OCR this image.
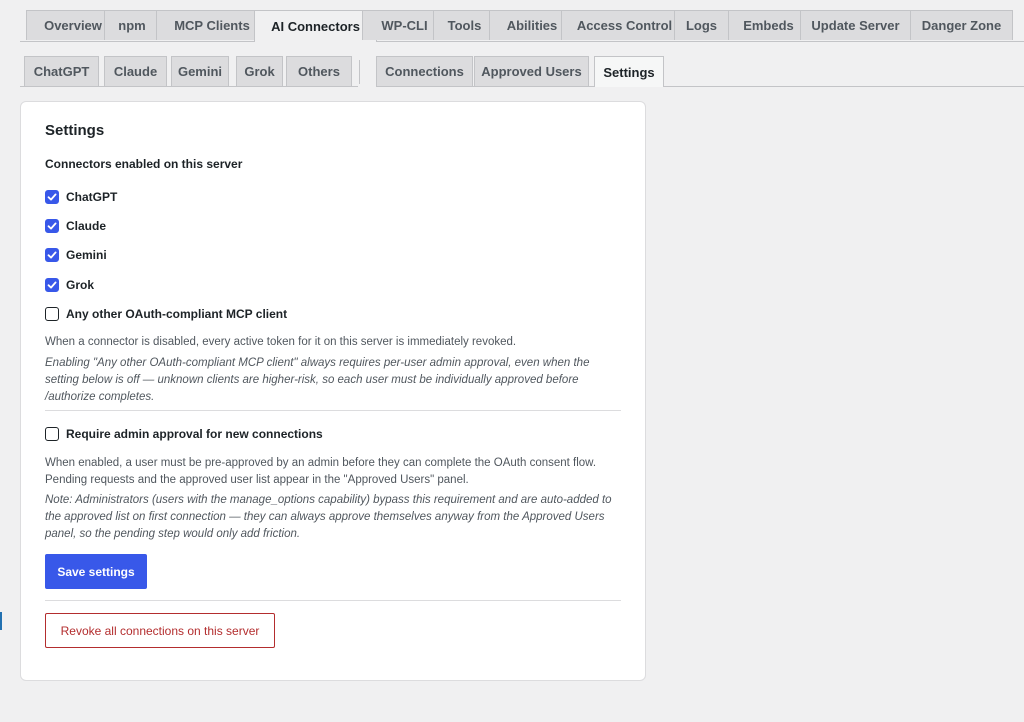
Overview	npm	MCP Clients	AI Connectors	WP-CLI	Tools	Abilities	Access Control	Logs	Embeds	Update Server	Danger Zone
ChatGPT	Claude	Gemini	Grok	Others	Connections	Approved Users	Settings
Settings
Connectors enabled on this server
ChatGPT
Claude
Gemini
Grok
Any other OAuth-compliant MCP client

When a connector is disabled, every active token for it on this server is immediately revoked.

Enabling "Any other OAuth-compliant MCP client" always requires per-user admin approval, even when the setting below is off — unknown clients are higher-risk, so each user must be individually approved before /authorize completes.

Require admin approval for new connections

When enabled, a user must be pre-approved by an admin before they can complete the OAuth consent flow. Pending requests and the approved user list appear in the "Approved Users" panel.

Note: Administrators (users with the manage_options capability) bypass this requirement and are auto-added to the approved list on first connection — they can always approve themselves anyway from the Approved Users panel, so the pending step would only add friction.

Save settings
Revoke all connections on this server
